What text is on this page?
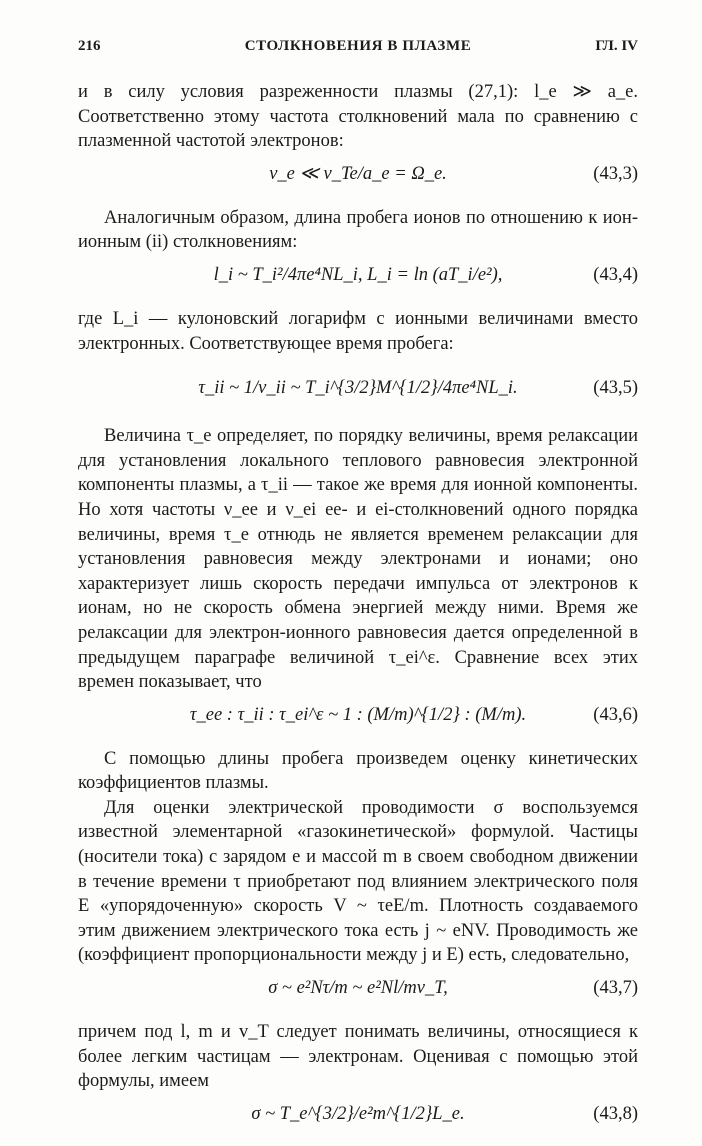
216	СТОЛКНОВЕНИЯ В ПЛАЗМЕ	ГЛ. IV

и в силу условия разреженности плазмы (27,1): l_e ≫ a_e. Соответственно этому частота столкновений мала по сравнению с плазменной частотой электронов:

ν_e ≪ v_Te/a_e = Ω_e.	(43,3)

Аналогичным образом, длина пробега ионов по отношению к ион-ионным (ii) столкновениям:

l_i ~ T_i²/4πe⁴NL_i, L_i = ln (aT_i/e²),	(43,4)

где L_i — кулоновский логарифм с ионными величинами вместо электронных. Соответствующее время пробега:

τ_ii ~ 1/ν_ii ~ T_i^{3/2}M^{1/2}/4πe⁴NL_i.	(43,5)

Величина τ_e определяет, по порядку величины, время релаксации для установления локального теплового равновесия электронной компоненты плазмы, а τ_ii — такое же время для ионной компоненты. Но хотя частоты ν_ee и ν_ei ee- и ei-столкновений одного порядка величины, время τ_e отнюдь не является временем релаксации для установления равновесия между электронами и ионами; оно характеризует лишь скорость передачи импульса от электронов к ионам, но не скорость обмена энергией между ними. Время же релаксации для электрон-ионного равновесия дается определенной в предыдущем параграфе величиной τ_ei^ε. Сравнение всех этих времен показывает, что

τ_ee : τ_ii : τ_ei^ε ~ 1 : (M/m)^{1/2} : (M/m).	(43,6)

С помощью длины пробега произведем оценку кинетических коэффициентов плазмы.

Для оценки электрической проводимости σ воспользуемся известной элементарной «газокинетической» формулой. Частицы (носители тока) с зарядом e и массой m в своем свободном движении в течение времени τ приобретают под влиянием электрического поля E «упорядоченную» скорость V ~ τeE/m. Плотность создаваемого этим движением электрического тока есть j ~ eNV. Проводимость же (коэффициент пропорциональности между j и E) есть, следовательно,

σ ~ e²Nτ/m ~ e²Nl/mv_T,	(43,7)

причем под l, m и v_T следует понимать величины, относящиеся к более легким частицам — электронам. Оценивая с помощью этой формулы, имеем

σ ~ T_e^{3/2}/e²m^{1/2}L_e.	(43,8)
